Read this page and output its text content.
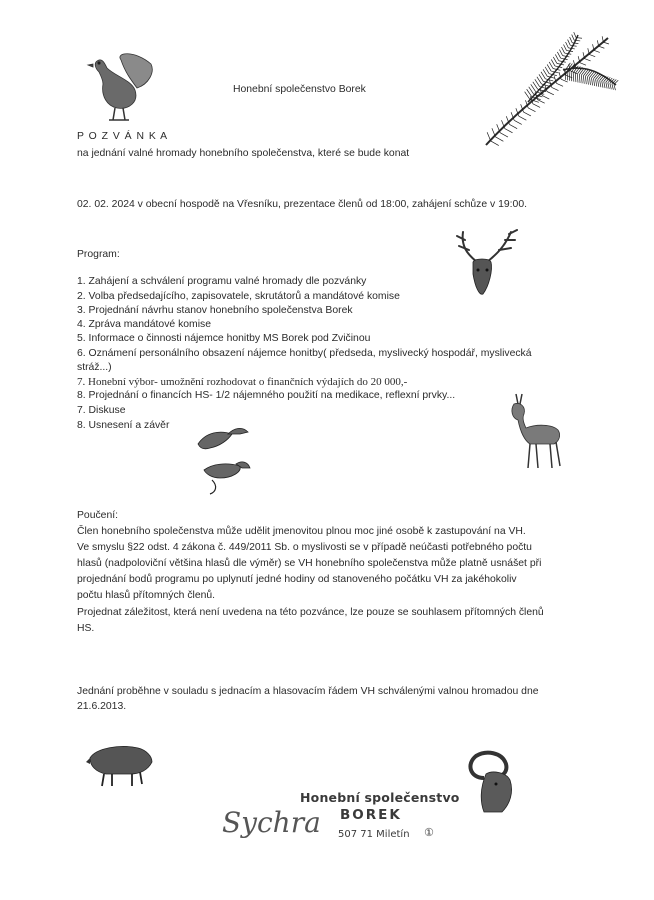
Honební společenstvo Borek
P O Z V Á N K A
na jednání valné hromady honebního společenstva, které se bude konat
02. 02. 2024 v obecní hospodě na Vřesníku, prezentace členů od 18:00, zahájení schůze v 19:00.
Program:
1. Zahájení a schválení programu valné hromady dle pozvánky
2. Volba předsedajícího, zapisovatele, skrutátorů a mandátové komise
3. Projednání návrhu stanov honebního společenstva Borek
4. Zpráva mandátové komise
5. Informace o činnosti nájemce honitby MS Borek pod Zvičinou
6. Oznámení personálního obsazení nájemce honitby( předseda, myslivecký hospodář, myslivecká
stráž...)
7. Honební výbor- umožnění rozhodovat o finančních výdajích do 20 000,-
8. Projednání o financích HS- 1/2 nájemného použití na medikace, reflexní prvky...
7. Diskuse
8. Usnesení a závěr
Poučení:
Člen honebního společenstva může udělit jmenovitou plnou moc jiné osobě k zastupování na VH.
Ve smyslu §22 odst. 4 zákona č. 449/2011 Sb. o myslivosti se v případě neúčasti potřebného počtu
hlasů (nadpoloviční většina hlasů dle výměr) se VH honebního společenstva může platně usnášet při
projednání bodů programu po uplynutí jedné hodiny od stanoveného počátku VH za jakéhokoliv
počtu hlasů přítomných členů.
Projednat záležitost, která není uvedena na této pozvánce, lze pouze se souhlasem přítomných členů
HS.
Jednání proběhne v souladu s jednacím a hlasovacím řádem VH schválenými valnou hromadou dne
21.6.2013.
Sychra
Honební společenstvo
BOREK
507 71 Miletín ①
